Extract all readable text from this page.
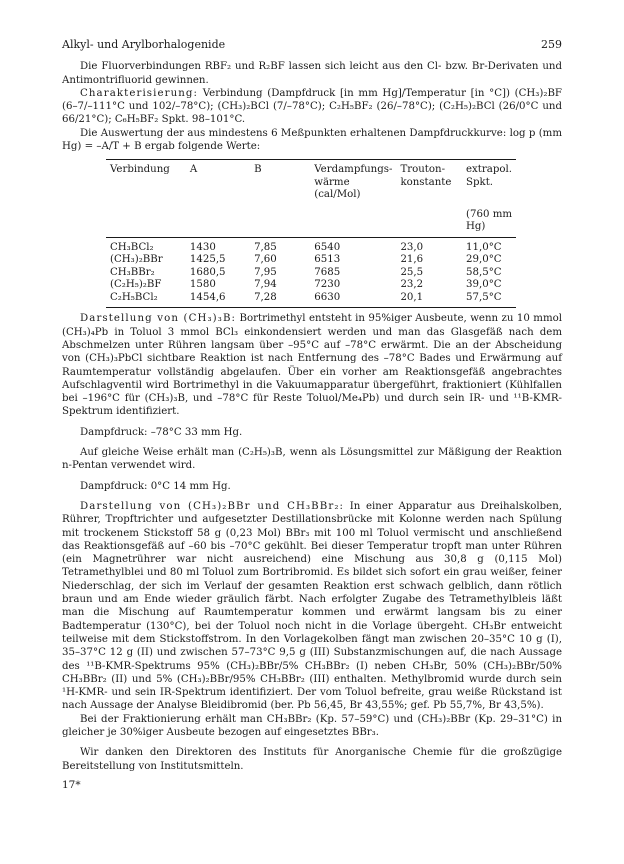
Alkyl- und Arylborhalogenide	259

Die Fluorverbindungen RBF₂ und R₂BF lassen sich leicht aus den Cl- bzw. Br-Derivaten und Antimontrifluorid gewinnen.

Charakterisierung: Verbindung (Dampfdruck [in mm Hg]/Temperatur [in °C]) (CH₃)₂BF (6–7/–111°C und 102/–78°C); (CH₃)₂BCl (7/–78°C); C₂H₅BF₂ (26/–78°C); (C₂H₅)₂BCl (26/0°C und 66/21°C); C₆H₅BF₂ Spkt. 98–101°C.

Die Auswertung der aus mindestens 6 Meßpunkten erhaltenen Dampfdruckkurve: log p (mm Hg) = –A/T + B ergab folgende Werte:

Verbindung	A	B	Verdampfungs-wärme (cal/Mol)	Trouton-konstante	extrapol. Spkt.
					(760 mm Hg)
CH₃BCl₂	1430	7,85	6540	23,0	11,0°C
(CH₃)₂BBr	1425,5	7,60	6513	21,6	29,0°C
CH₃BBr₂	1680,5	7,95	7685	25,5	58,5°C
(C₂H₅)₂BF	1580	7,94	7230	23,2	39,0°C
C₂H₅BCl₂	1454,6	7,28	6630	20,1	57,5°C

Darstellung von (CH₃)₃B: Bortrimethyl entsteht in 95%iger Ausbeute, wenn zu 10 mmol (CH₃)₄Pb in Toluol 3 mmol BCl₃ einkondensiert werden und man das Glasgefäß nach dem Abschmelzen unter Rühren langsam über –95°C auf –78°C erwärmt. Die an der Abscheidung von (CH₃)₃PbCl sichtbare Reaktion ist nach Entfernung des –78°C Bades und Erwärmung auf Raumtemperatur vollständig abgelaufen. Über ein vorher am Reaktionsgefäß angebrachtes Aufschlagventil wird Bortrimethyl in die Vakuumapparatur übergeführt, fraktioniert (Kühlfallen bei –196°C für (CH₃)₃B, und –78°C für Reste Toluol/Me₄Pb) und durch sein IR- und ¹¹B-KMR-Spektrum identifiziert.

Dampfdruck: –78°C 33 mm Hg.

Auf gleiche Weise erhält man (C₂H₅)₃B, wenn als Lösungsmittel zur Mäßigung der Reaktion n-Pentan verwendet wird.

Dampfdruck: 0°C 14 mm Hg.

Darstellung von (CH₃)₂BBr und CH₃BBr₂: In einer Apparatur aus Dreihalskolben, Rührer, Tropftrichter und aufgesetzter Destillationsbrücke mit Kolonne werden nach Spülung mit trockenem Stickstoff 58 g (0,23 Mol) BBr₃ mit 100 ml Toluol vermischt und anschließend das Reaktionsgefäß auf –60 bis –70°C gekühlt. Bei dieser Temperatur tropft man unter Rühren (ein Magnetrührer war nicht ausreichend) eine Mischung aus 30,8 g (0,115 Mol) Tetramethylblei und 80 ml Toluol zum Bortribromid. Es bildet sich sofort ein grau weißer, feiner Niederschlag, der sich im Verlauf der gesamten Reaktion erst schwach gelblich, dann rötlich braun und am Ende wieder gräulich färbt. Nach erfolgter Zugabe des Tetramethylbleis läßt man die Mischung auf Raumtemperatur kommen und erwärmt langsam bis zu einer Badtemperatur (130°C), bei der Toluol noch nicht in die Vorlage übergeht. CH₃Br entweicht teilweise mit dem Stickstoffstrom. In den Vorlagekolben fängt man zwischen 20–35°C 10 g (I), 35–37°C 12 g (II) und zwischen 57–73°C 9,5 g (III) Substanzmischungen auf, die nach Aussage des ¹¹B-KMR-Spektrums 95% (CH₃)₂BBr/5% CH₃BBr₂ (I) neben CH₃Br, 50% (CH₃)₂BBr/50% CH₃BBr₂ (II) und 5% (CH₃)₂BBr/95% CH₃BBr₂ (III) enthalten. Methylbromid wurde durch sein ¹H-KMR- und sein IR-Spektrum identifiziert. Der vom Toluol befreite, grau weiße Rückstand ist nach Aussage der Analyse Bleidibromid (ber. Pb 56,45, Br 43,55%; gef. Pb 55,7%, Br 43,5%).

Bei der Fraktionierung erhält man CH₃BBr₂ (Kp. 57–59°C) und (CH₃)₂BBr (Kp. 29–31°C) in gleicher je 30%iger Ausbeute bezogen auf eingesetztes BBr₃.

Wir danken den Direktoren des Instituts für Anorganische Chemie für die großzügige Bereitstellung von Institutsmitteln.

17*
